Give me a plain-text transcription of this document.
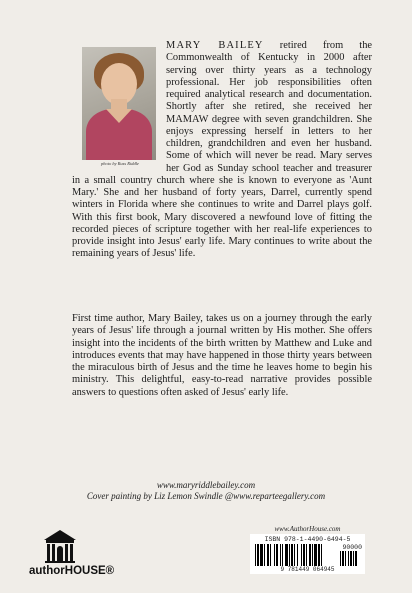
photo by Russ Riddle

MARY BAILEY retired from the Commonwealth of Kentucky in 2000 after serving over thirty years as a technology professional. Her job responsibilities often required analytical research and documentation. Shortly after she retired, she received her MAMAW degree with seven grandchildren. She enjoys expressing herself in letters to her children, grandchildren and even her husband. Some of which will never be read. Mary serves her God as Sunday school teacher and treasurer in a small country church where she is known to everyone as 'Aunt Mary.' She and her husband of forty years, Darrel, currently spend winters in Florida where she continues to write and Darrel plays golf. With this first book, Mary discovered a newfound love of fitting the recorded pieces of scripture together with her real-life experiences to provide insight into Jesus' early life. Mary continues to write about the remaining years of Jesus' life.

First time author, Mary Bailey, takes us on a journey through the early years of Jesus' life through a journal written by His mother. She offers insight into the incidents of the birth written by Matthew and Luke and introduces events that may have happened in those thirty years between the miraculous birth of Jesus and the time he leaves home to begin his ministry. This delightful, easy-to-read narrative provides possible answers to questions often asked of Jesus' early life.

www.maryriddlebailey.com
Cover painting by Liz Lemon Swindle @www.reparteegallery.com
www.AuthorHouse.com
ISBN 978-1-4490-6494-5
90000
9 781449 064945
authorHOUSE®
